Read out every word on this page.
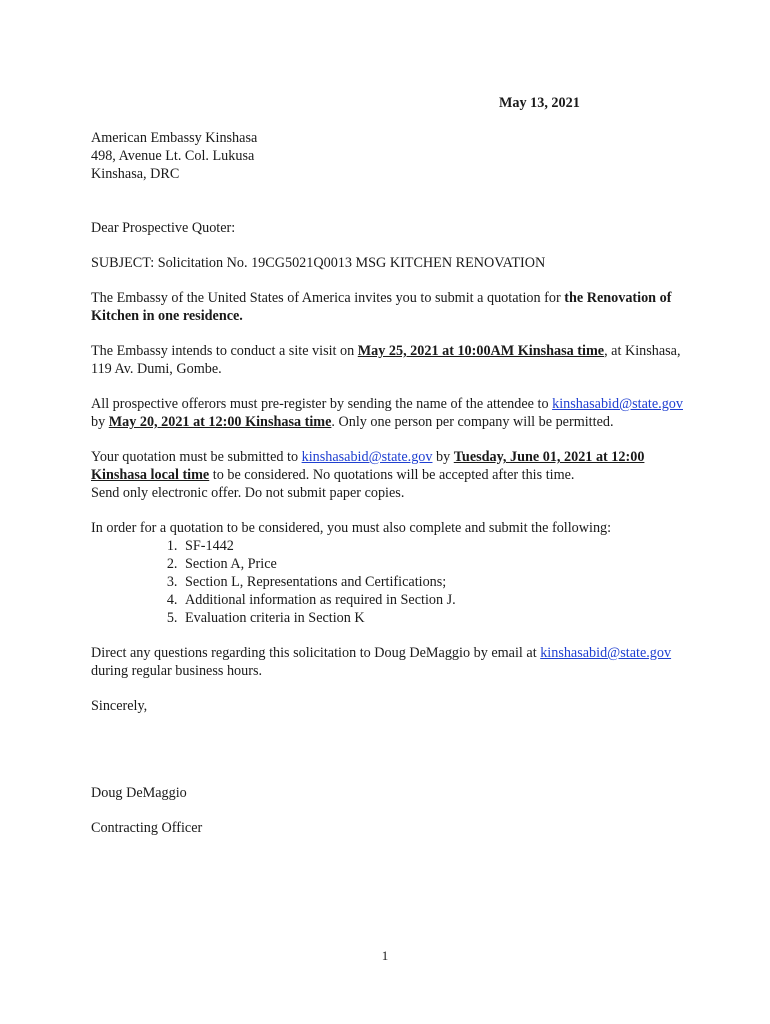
May 13, 2021
American Embassy Kinshasa
498, Avenue Lt. Col. Lukusa
Kinshasa, DRC

Dear Prospective Quoter:

SUBJECT: Solicitation No. 19CG5021Q0013 MSG KITCHEN RENOVATION

The Embassy of the United States of America invites you to submit a quotation for the Renovation of Kitchen in one residence.

The Embassy intends to conduct a site visit on May 25, 2021 at 10:00AM Kinshasa time, at Kinshasa, 119 Av. Dumi, Gombe.

All prospective offerors must pre-register by sending the name of the attendee to kinshasabid@state.gov by May 20, 2021 at 12:00 Kinshasa time. Only one person per company will be permitted.

Your quotation must be submitted to kinshasabid@state.gov by Tuesday, June 01, 2021 at 12:00 Kinshasa local time to be considered. No quotations will be accepted after this time.

Send only electronic offer. Do not submit paper copies.

In order for a quotation to be considered, you must also complete and submit the following:

1. SF-1442
2. Section A, Price
3. Section L, Representations and Certifications;
4. Additional information as required in Section J.
5. Evaluation criteria in Section K

Direct any questions regarding this solicitation to Doug DeMaggio by email at kinshasabid@state.gov during regular business hours.

Sincerely,

Doug DeMaggio

Contracting Officer

1
